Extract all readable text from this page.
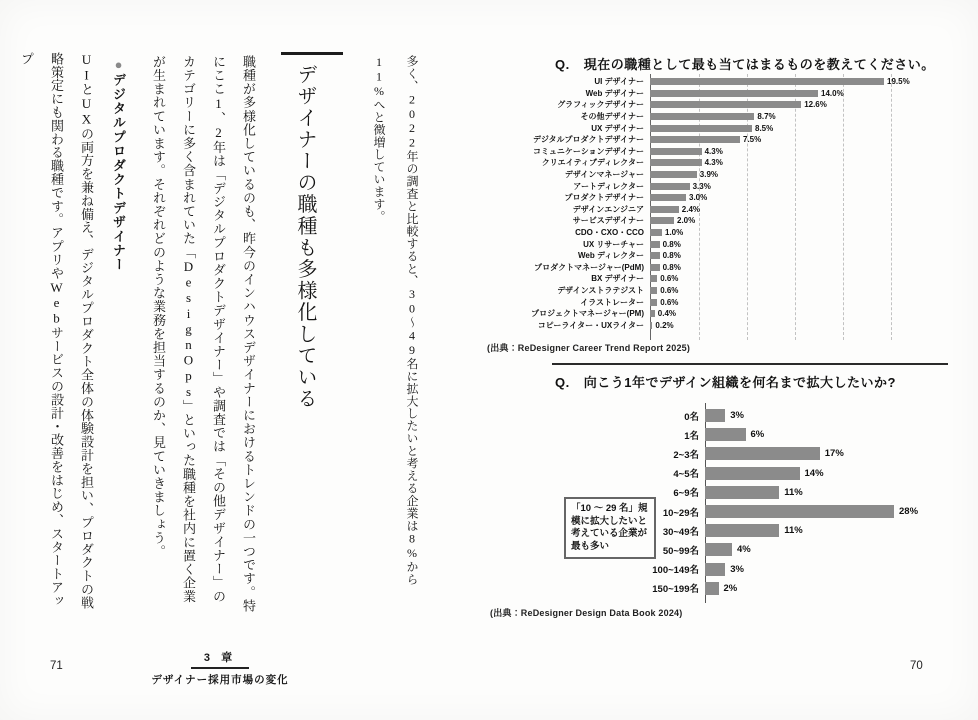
多く、2022年の調査と比較すると、30〜49名に拡大したいと考える企業は8%から11%へと微増しています。
デザイナーの職種も多様化している
職種が多様化しているのも、昨今のインハウスデザイナーにおけるトレンドの一つです。特にここ1、2年は「デジタルプロダクトデザイナー」や調査では「その他デザイナー」のカテゴリーに多く含まれていた「DesignOps」といった職種を社内に置く企業が生まれています。それぞれどのような業務を担当するのか、見ていきましょう。
●デジタルプロダクトデザイナー
UIとUXの両方を兼ね備え、デジタルプロダクト全体の体験設計を担い、プロダクトの戦略策定にも関わる職種です。アプリやWebサービスの設計・改善をはじめ、スタートアップ
3 章
デザイナー採用市場の変化
71
Q. 現在の職種として最も当てはまるものを教えてください。
UI デザイナー	19.5%
Web デザイナー	14.0%
グラフィックデザイナー	12.6%
その他デザイナー	8.7%
UX デザイナー	8.5%
デジタルプロダクトデザイナー	7.5%
コミュニケーションデザイナー	4.3%
クリエイティブディレクター	4.3%
デザインマネージャー	3.9%
アートディレクター	3.3%
プロダクトデザイナー	3.0%
デザインエンジニア	2.4%
サービスデザイナー	2.0%
CDO・CXO・CCO	1.0%
UX リサーチャー	0.8%
Web ディレクター	0.8%
プロダクトマネージャー(PdM)	0.8%
BX デザイナー	0.6%
デザインストラテジスト	0.6%
イラストレーター	0.6%
プロジェクトマネージャー(PM)	0.4%
コピーライター・UXライター	0.2%
(出典：ReDesigner Career Trend Report 2025)
Q. 向こう1年でデザイン組織を何名まで拡大したいか?
0名	3%
1名	6%
2~3名	17%
4~5名	14%
6~9名	11%
10~29名	28%
30~49名	11%
50~99名	4%
100~149名	3%
150~199名	2%
「10 〜 29 名」規模に拡大したいと考えている企業が最も多い
(出典：ReDesigner Design Data Book 2024)
70
